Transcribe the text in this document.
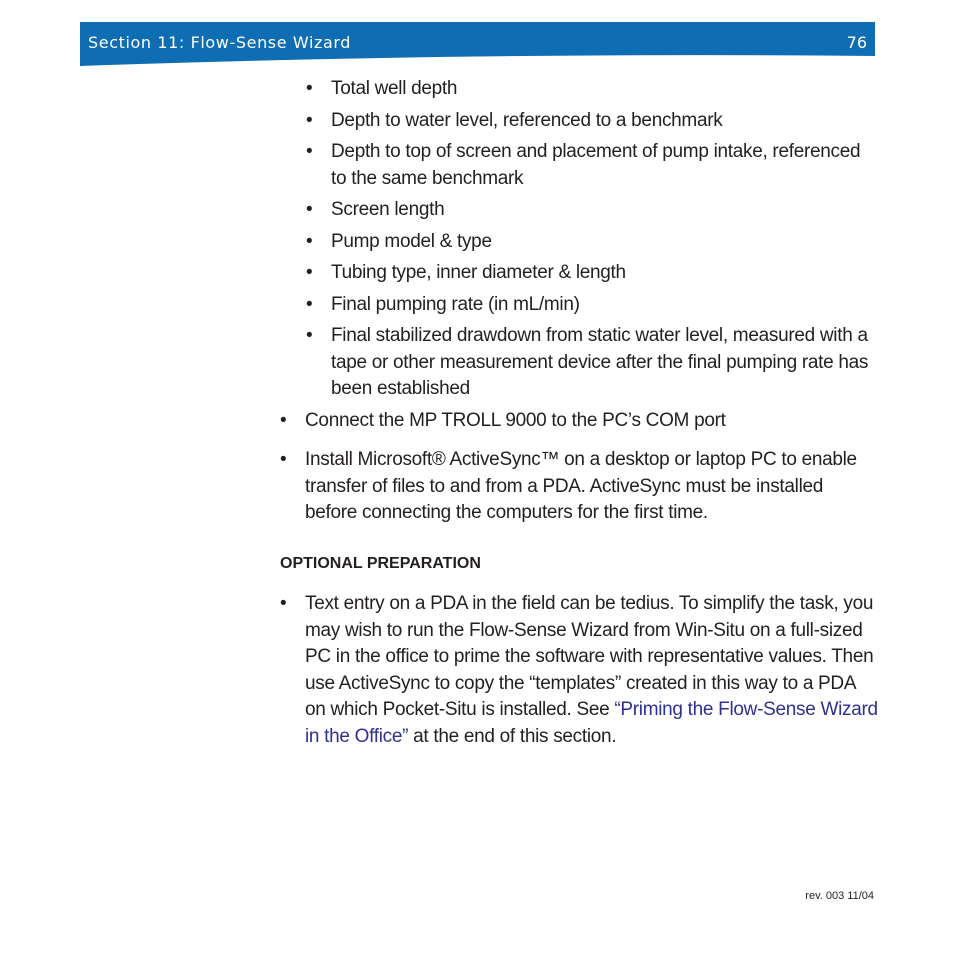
Section 11: Flow-Sense Wizard	76
• Total well depth
• Depth to water level, referenced to a benchmark
• Depth to top of screen and placement of pump intake, referenced to the same benchmark
• Screen length
• Pump model & type
• Tubing type, inner diameter & length
• Final pumping rate (in mL/min)
• Final stabilized drawdown from static water level, measured with a tape or other measurement device after the final pumping rate has been established
• Connect the MP TROLL 9000 to the PC’s COM port
• Install Microsoft® ActiveSync™ on a desktop or laptop PC to enable transfer of files to and from a PDA. ActiveSync must be installed before connecting the computers for the first time.
OPTIONAL PREPARATION
• Text entry on a PDA in the field can be tedius. To simplify the task, you may wish to run the Flow-Sense Wizard from Win-Situ on a full-sized PC in the office to prime the software with representative values. Then use ActiveSync to copy the “templates” created in this way to a PDA on which Pocket-Situ is installed. See “Priming the Flow-Sense Wizard in the Office” at the end of this section.
rev. 003 11/04
